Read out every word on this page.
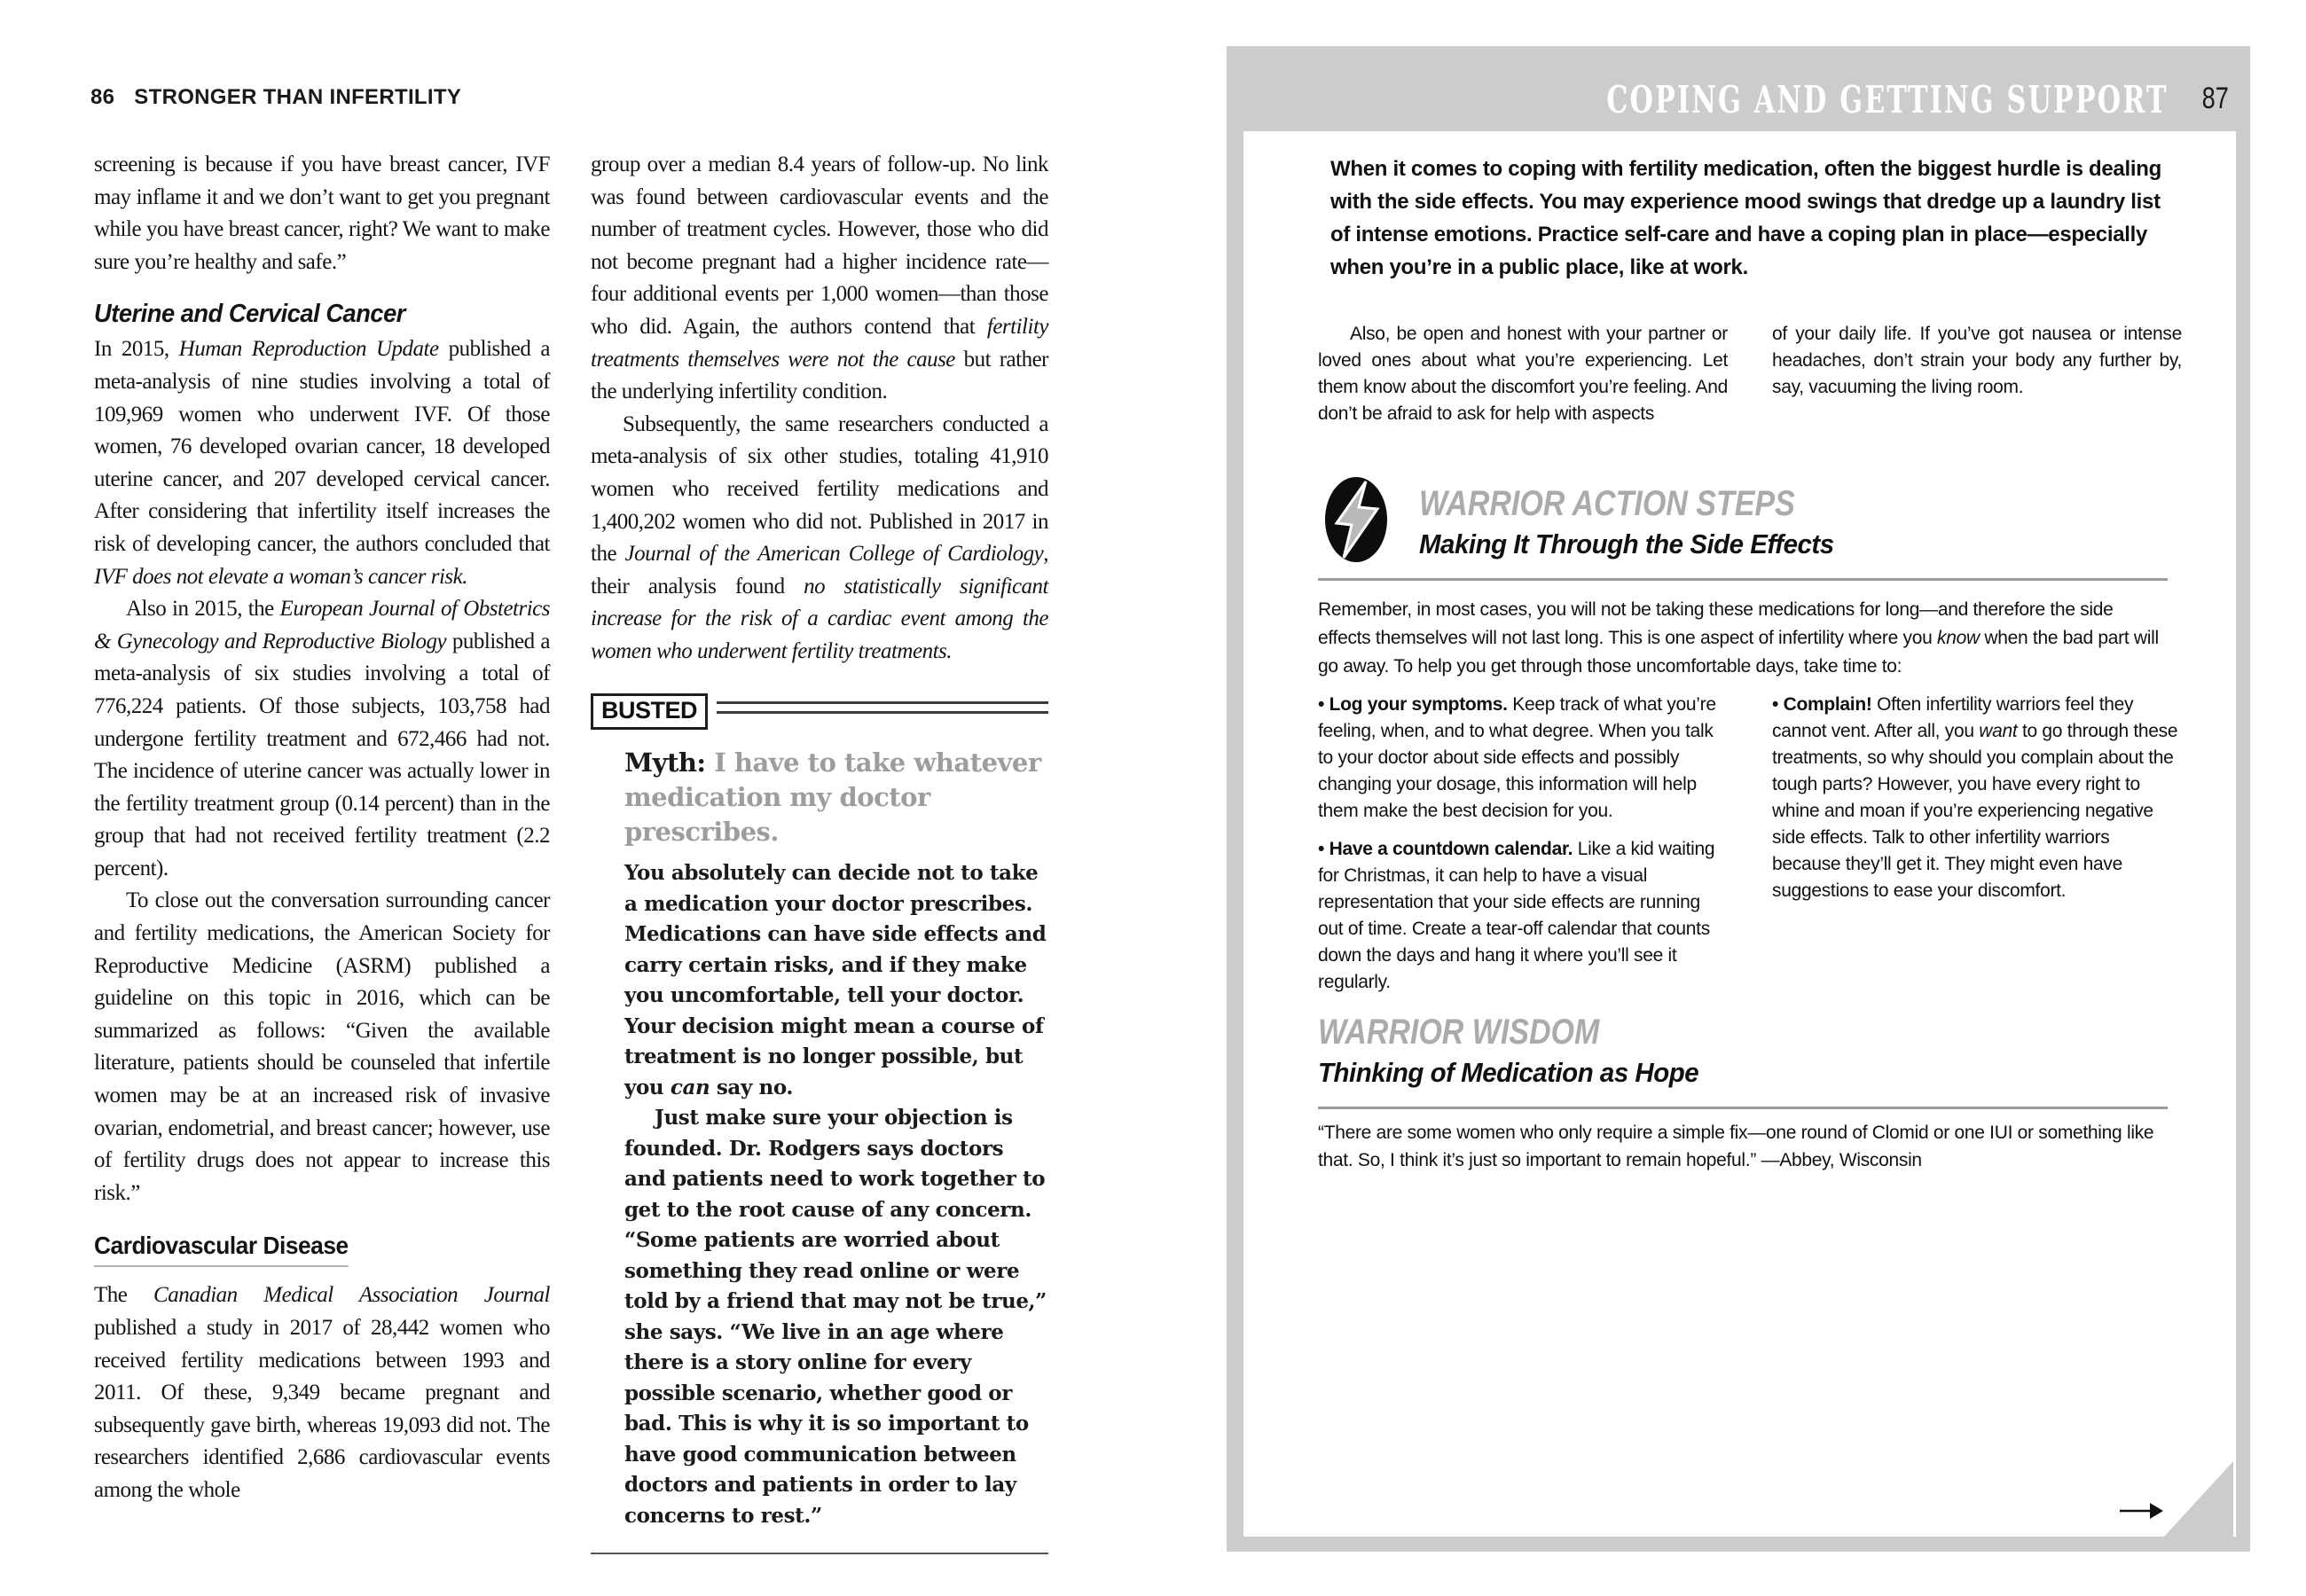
86 STRONGER THAN INFERTILITY

screening is because if you have breast cancer, IVF may inflame it and we don’t want to get you pregnant while you have breast cancer, right? We want to make sure you’re healthy and safe.”

Uterine and Cervical Cancer

In 2015, Human Reproduction Update published a meta-analysis of nine studies involving a total of 109,969 women who underwent IVF. Of those women, 76 developed ovarian cancer, 18 developed uterine cancer, and 207 developed cervical cancer. After considering that infertility itself increases the risk of developing cancer, the authors concluded that IVF does not elevate a woman’s cancer risk.

Also in 2015, the European Journal of Obstetrics & Gynecology and Reproductive Biology published a meta-analysis of six studies involving a total of 776,224 patients. Of those subjects, 103,758 had undergone fertility treatment and 672,466 had not. The incidence of uterine cancer was actually lower in the fertility treatment group (0.14 percent) than in the group that had not received fertility treatment (2.2 percent).

To close out the conversation surrounding cancer and fertility medications, the American Society for Reproductive Medicine (ASRM) published a guideline on this topic in 2016, which can be summarized as follows: “Given the available literature, patients should be counseled that infertile women may be at an increased risk of invasive ovarian, endometrial, and breast cancer; however, use of fertility drugs does not appear to increase this risk.”

Cardiovascular Disease

The Canadian Medical Association Journal published a study in 2017 of 28,442 women who received fertility medications between 1993 and 2011. Of these, 9,349 became pregnant and subsequently gave birth, whereas 19,093 did not. The researchers identified 2,686 cardiovascular events among the whole

group over a median 8.4 years of follow-up. No link was found between cardiovascular events and the number of treatment cycles. However, those who did not become pregnant had a higher incidence rate—four additional events per 1,000 women—than those who did. Again, the authors contend that fertility treatments themselves were not the cause but rather the underlying infertility condition.

Subsequently, the same researchers conducted a meta-analysis of six other studies, totaling 41,910 women who received fertility medications and 1,400,202 women who did not. Published in 2017 in the Journal of the American College of Cardiology, their analysis found no statistically significant increase for the risk of a cardiac event among the women who underwent fertility treatments.

BUSTED
Myth: I have to take whatever medication my doctor prescribes.

You absolutely can decide not to take a medication your doctor prescribes. Medications can have side effects and carry certain risks, and if they make you uncomfortable, tell your doctor. Your decision might mean a course of treatment is no longer possible, but you can say no.

Just make sure your objection is founded. Dr. Rodgers says doctors and patients need to work together to get to the root cause of any concern. “Some patients are worried about something they read online or were told by a friend that may not be true,” she says. “We live in an age where there is a story online for every possible scenario, whether good or bad. This is why it is so important to have good communication between doctors and patients in order to lay concerns to rest.”

COPING AND GETTING SUPPORT 87
When it comes to coping with fertility medication, often the biggest hurdle is dealing with the side effects. You may experience mood swings that dredge up a laundry list of intense emotions. Practice self-care and have a coping plan in place—especially when you’re in a public place, like at work.

Also, be open and honest with your partner or loved ones about what you’re experiencing. Let them know about the discomfort you’re feeling. And don’t be afraid to ask for help with aspects

of your daily life. If you’ve got nausea or intense headaches, don’t strain your body any further by, say, vacuuming the living room.

WARRIOR ACTION STEPS
Making It Through the Side Effects

Remember, in most cases, you will not be taking these medications for long—and therefore the side effects themselves will not last long. This is one aspect of infertility where you know when the bad part will go away. To help you get through those uncomfortable days, take time to:

• Log your symptoms. Keep track of what you’re feeling, when, and to what degree. When you talk to your doctor about side effects and possibly changing your dosage, this information will help them make the best decision for you.

• Have a countdown calendar. Like a kid waiting for Christmas, it can help to have a visual representation that your side effects are running out of time. Create a tear-off calendar that counts down the days and hang it where you’ll see it regularly.

• Complain! Often infertility warriors feel they cannot vent. After all, you want to go through these treatments, so why should you complain about the tough parts? However, you have every right to whine and moan if you’re experiencing negative side effects. Talk to other infertility warriors because they’ll get it. They might even have suggestions to ease your discomfort.

WARRIOR WISDOM
Thinking of Medication as Hope

“There are some women who only require a simple fix—one round of Clomid or one IUI or something like that. So, I think it’s just so important to remain hopeful.” —Abbey, Wisconsin
